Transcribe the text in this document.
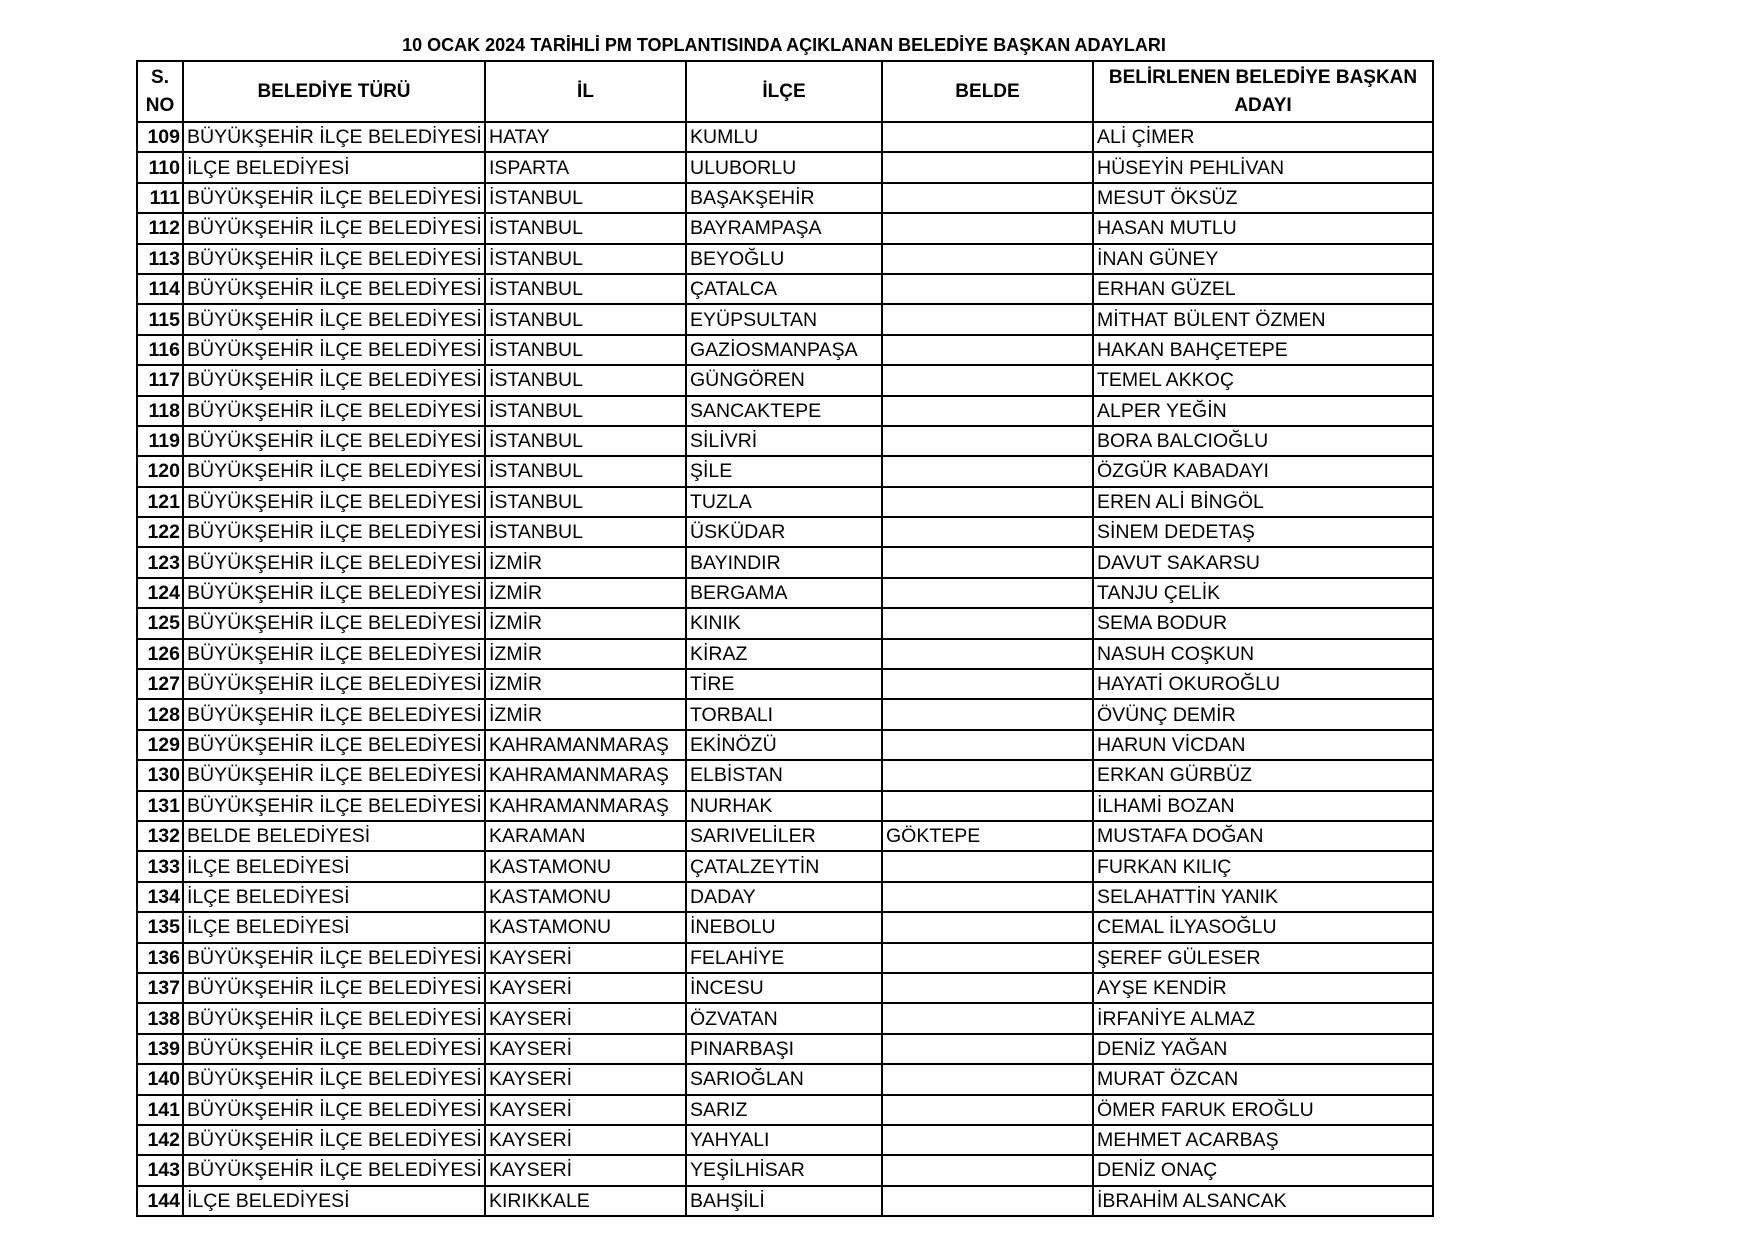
10 OCAK 2024 TARİHLİ PM TOPLANTISINDA AÇIKLANAN BELEDİYE BAŞKAN ADAYLARI
S. NO	BELEDİYE TÜRÜ	İL	İLÇE	BELDE	BELİRLENEN BELEDİYE BAŞKAN ADAYI
109	BÜYÜKŞEHİR İLÇE BELEDİYESİ	HATAY	KUMLU		ALİ ÇİMER
110	İLÇE BELEDİYESİ	ISPARTA	ULUBORLU		HÜSEYİN PEHLİVAN
111	BÜYÜKŞEHİR İLÇE BELEDİYESİ	İSTANBUL	BAŞAKŞEHİR		MESUT ÖKSÜZ
112	BÜYÜKŞEHİR İLÇE BELEDİYESİ	İSTANBUL	BAYRAMPAŞA		HASAN MUTLU
113	BÜYÜKŞEHİR İLÇE BELEDİYESİ	İSTANBUL	BEYOĞLU		İNAN GÜNEY
114	BÜYÜKŞEHİR İLÇE BELEDİYESİ	İSTANBUL	ÇATALCA		ERHAN GÜZEL
115	BÜYÜKŞEHİR İLÇE BELEDİYESİ	İSTANBUL	EYÜPSULTAN		MİTHAT BÜLENT ÖZMEN
116	BÜYÜKŞEHİR İLÇE BELEDİYESİ	İSTANBUL	GAZİOSMANPAŞA		HAKAN BAHÇETEPE
117	BÜYÜKŞEHİR İLÇE BELEDİYESİ	İSTANBUL	GÜNGÖREN		TEMEL AKKOÇ
118	BÜYÜKŞEHİR İLÇE BELEDİYESİ	İSTANBUL	SANCAKTEPE		ALPER YEĞİN
119	BÜYÜKŞEHİR İLÇE BELEDİYESİ	İSTANBUL	SİLİVRİ		BORA BALCIOĞLU
120	BÜYÜKŞEHİR İLÇE BELEDİYESİ	İSTANBUL	ŞİLE		ÖZGÜR KABADAYI
121	BÜYÜKŞEHİR İLÇE BELEDİYESİ	İSTANBUL	TUZLA		EREN ALİ BİNGÖL
122	BÜYÜKŞEHİR İLÇE BELEDİYESİ	İSTANBUL	ÜSKÜDAR		SİNEM DEDETAŞ
123	BÜYÜKŞEHİR İLÇE BELEDİYESİ	İZMİR	BAYINDIR		DAVUT SAKARSU
124	BÜYÜKŞEHİR İLÇE BELEDİYESİ	İZMİR	BERGAMA		TANJU ÇELİK
125	BÜYÜKŞEHİR İLÇE BELEDİYESİ	İZMİR	KINIK		SEMA BODUR
126	BÜYÜKŞEHİR İLÇE BELEDİYESİ	İZMİR	KİRAZ		NASUH COŞKUN
127	BÜYÜKŞEHİR İLÇE BELEDİYESİ	İZMİR	TİRE		HAYATİ OKUROĞLU
128	BÜYÜKŞEHİR İLÇE BELEDİYESİ	İZMİR	TORBALI		ÖVÜNÇ DEMİR
129	BÜYÜKŞEHİR İLÇE BELEDİYESİ	KAHRAMANMARAŞ	EKİNÖZÜ		HARUN VİCDAN
130	BÜYÜKŞEHİR İLÇE BELEDİYESİ	KAHRAMANMARAŞ	ELBİSTAN		ERKAN GÜRBÜZ
131	BÜYÜKŞEHİR İLÇE BELEDİYESİ	KAHRAMANMARAŞ	NURHAK		İLHAMİ BOZAN
132	BELDE BELEDİYESİ	KARAMAN	SARIVELİLER	GÖKTEPE	MUSTAFA DOĞAN
133	İLÇE BELEDİYESİ	KASTAMONU	ÇATALZEYTİN		FURKAN KILIÇ
134	İLÇE BELEDİYESİ	KASTAMONU	DADAY		SELAHATTİN YANIK
135	İLÇE BELEDİYESİ	KASTAMONU	İNEBOLU		CEMAL İLYASOĞLU
136	BÜYÜKŞEHİR İLÇE BELEDİYESİ	KAYSERİ	FELAHİYE		ŞEREF GÜLESER
137	BÜYÜKŞEHİR İLÇE BELEDİYESİ	KAYSERİ	İNCESU		AYŞE KENDİR
138	BÜYÜKŞEHİR İLÇE BELEDİYESİ	KAYSERİ	ÖZVATAN		İRFANİYE ALMAZ
139	BÜYÜKŞEHİR İLÇE BELEDİYESİ	KAYSERİ	PINARBAŞI		DENİZ YAĞAN
140	BÜYÜKŞEHİR İLÇE BELEDİYESİ	KAYSERİ	SARIOĞLAN		MURAT ÖZCAN
141	BÜYÜKŞEHİR İLÇE BELEDİYESİ	KAYSERİ	SARIZ		ÖMER FARUK EROĞLU
142	BÜYÜKŞEHİR İLÇE BELEDİYESİ	KAYSERİ	YAHYALI		MEHMET ACARBAŞ
143	BÜYÜKŞEHİR İLÇE BELEDİYESİ	KAYSERİ	YEŞİLHİSAR		DENİZ ONAÇ
144	İLÇE BELEDİYESİ	KIRIKKALE	BAHŞİLİ		İBRAHİM ALSANCAK
